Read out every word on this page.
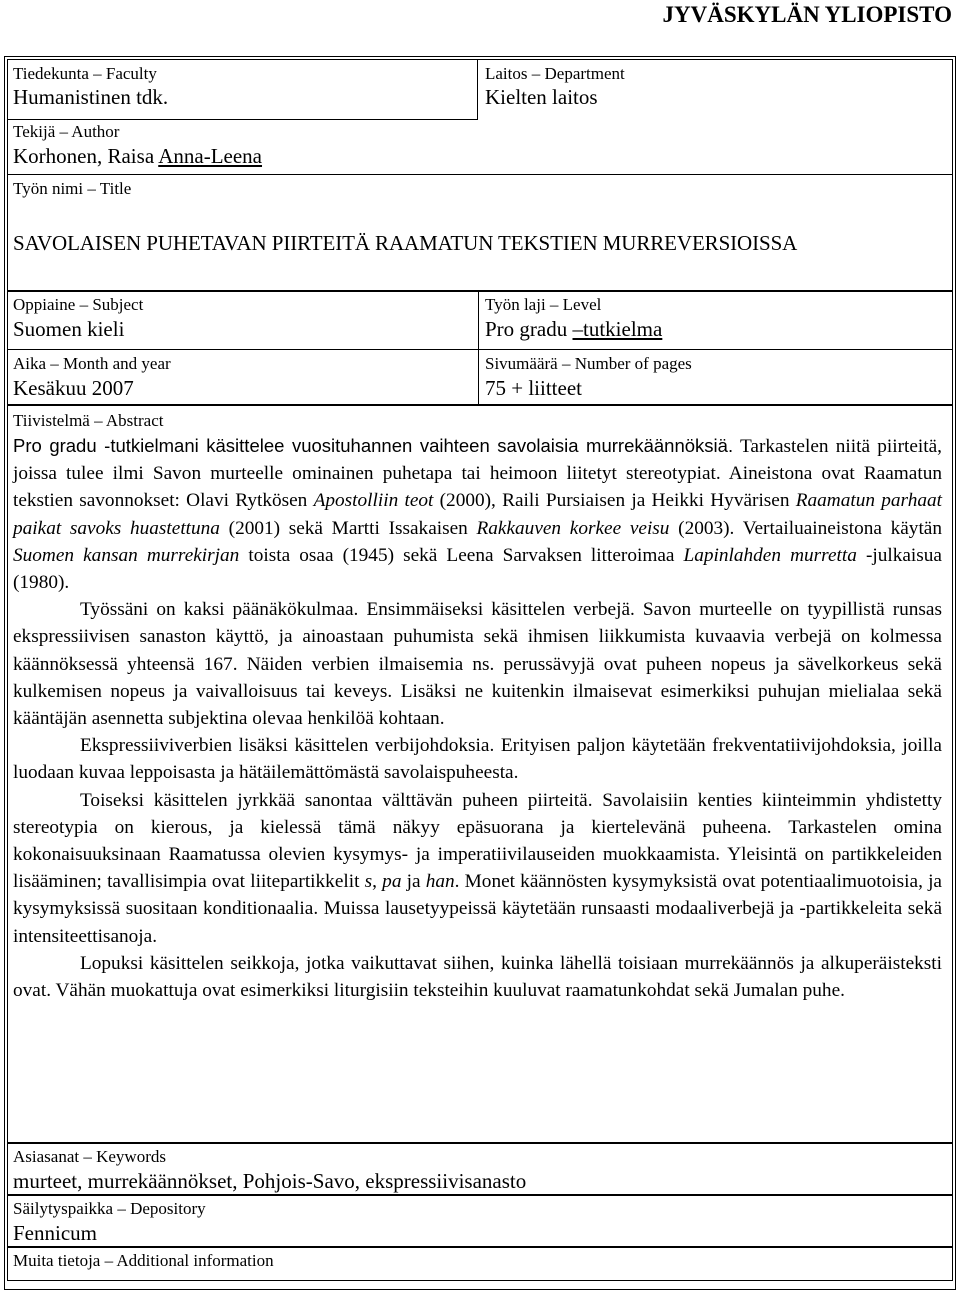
JYVÄSKYLÄN YLIOPISTO
Tiedekunta – Faculty
Humanistinen tdk.
Laitos – Department
Kielten laitos
Tekijä – Author
Korhonen, Raisa Anna-Leena
Työn nimi – Title
SAVOLAISEN PUHETAVAN PIIRTEITÄ RAAMATUN TEKSTIEN MURREVERSIOISSA
Oppiaine – Subject
Suomen kieli
Työn laji – Level
Pro gradu –tutkielma
Aika – Month and year
Kesäkuu 2007
Sivumäärä – Number of pages
75 + liitteet
Tiivistelmä – Abstract

Pro gradu -tutkielmani käsittelee vuosituhannen vaihteen savolaisia murrekäännöksiä. Tarkastelen niitä piirteitä, joissa tulee ilmi Savon murteelle ominainen puhetapa tai heimoon liitetyt stereotypiat. Aineistona ovat Raamatun tekstien savonnokset: Olavi Rytkösen Apostolliin teot (2000), Raili Pursiaisen ja Heikki Hyvärisen Raamatun parhaat paikat savoks huastettuna (2001) sekä Martti Issakaisen Rakkauven korkee veisu (2003). Vertailuaineistona käytän Suomen kansan murrekirjan toista osaa (1945) sekä Leena Sarvaksen litteroimaa Lapinlahden murretta -julkaisua (1980).

Työssäni on kaksi päänäkökulmaa. Ensimmäiseksi käsittelen verbejä. Savon murteelle on tyypillistä runsas ekspressiivisen sanaston käyttö, ja ainoastaan puhumista sekä ihmisen liikkumista kuvaavia verbejä on kolmessa käännöksessä yhteensä 167. Näiden verbien ilmaisemia ns. perussävyjä ovat puheen nopeus ja sävelkorkeus sekä kulkemisen nopeus ja vaivalloisuus tai keveys. Lisäksi ne kuitenkin ilmaisevat esimerkiksi puhujan mielialaa sekä kääntäjän asennetta subjektina olevaa henkilöä kohtaan.

Ekspressiiviverbien lisäksi käsittelen verbijohdoksia. Erityisen paljon käytetään frekventatiivijohdoksia, joilla luodaan kuvaa leppoisasta ja hätäilemättömästä savolaispuheesta.

Toiseksi käsittelen jyrkkää sanontaa välttävän puheen piirteitä. Savolaisiin kenties kiinteimmin yhdistetty stereotypia on kierous, ja kielessä tämä näkyy epäsuorana ja kiertelevänä puheena. Tarkastelen omina kokonaisuuksinaan Raamatussa olevien kysymys- ja imperatiivilauseiden muokkaamista. Yleisintä on partikkeleiden lisääminen; tavallisimpia ovat liitepartikkelit s, pa ja han. Monet käännösten kysymyksistä ovat potentiaalimuotoisia, ja kysymyksissä suositaan konditionaalia. Muissa lausetyypeissä käytetään runsaasti modaaliverbejä ja -partikkeleita sekä intensiteettisanoja.

Lopuksi käsittelen seikkoja, jotka vaikuttavat siihen, kuinka lähellä toisiaan murrekäännös ja alkuperäisteksti ovat. Vähän muokattuja ovat esimerkiksi liturgisiin teksteihin kuuluvat raamatunkohdat sekä Jumalan puhe.

Asiasanat – Keywords
murteet, murrekäännökset, Pohjois-Savo, ekspressiivisanasto
Säilytyspaikka – Depository
Fennicum
Muita tietoja – Additional information
